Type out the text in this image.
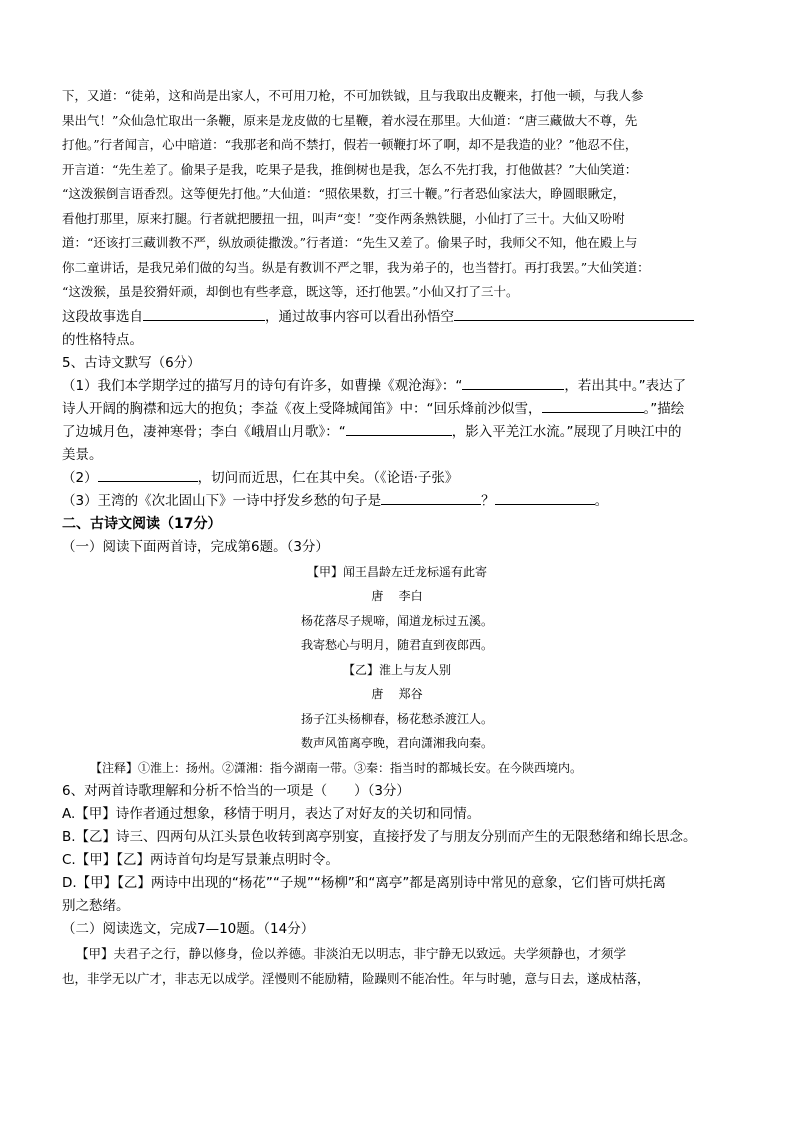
下，又道：“徒弟，这和尚是出家人，不可用刀枪，不可加铁钺，且与我取出皮鞭来，打他一顿，与我人参

果出气！”众仙急忙取出一条鞭，原来是龙皮做的七星鞭，着水浸在那里。大仙道：“唐三藏做大不尊，先

打他。”行者闻言，心中暗道：“我那老和尚不禁打，假若一顿鞭打坏了啊，却不是我造的业？”他忍不住，

开言道：“先生差了。偷果子是我，吃果子是我，推倒树也是我，怎么不先打我，打他做甚？”大仙笑道：

“这泼猴倒言语香烈。这等便先打他。”大仙道：“照依果数，打三十鞭。”行者恐仙家法大，睁圆眼瞅定，

看他打那里，原来打腿。行者就把腰扭一扭，叫声“变！”变作两条熟铁腿，小仙打了三十。大仙又吩咐

道：“还该打三藏训教不严，纵放顽徒撒泼。”行者道：“先生又差了。偷果子时，我师父不知，他在殿上与

你二童讲话，是我兄弟们做的勾当。纵是有教训不严之罪，我为弟子的，也当替打。再打我罢。”大仙笑道：

“这泼猴，虽是狡猾奸顽，却倒也有些孝意，既这等，还打他罢。”小仙又打了三十。

这段故事选自	，通过故事内容可以看出孙悟空

的性格特点。

5、古诗文默写（6分）

（1）我们本学期学过的描写月的诗句有许多，如曹操《观沧海》：“	，若出其中。”表达了

诗人开阔的胸襟和远大的抱负；李益《夜上受降城闻笛》中：“回乐烽前沙似雪，	。”描绘

了边城月色，凄神寒骨；李白《峨眉山月歌》：“	，影入平羌江水流。”展现了月映江中的

美景。

（2）	，切问而近思，仁在其中矣。（《论语·子张》

（3）王湾的《次北固山下》一诗中抒发乡愁的句子是	？	。

二、古诗文阅读（17分）

（一）阅读下面两首诗，完成第6题。（3分）

【甲】闻王昌龄左迁龙标遥有此寄
唐 李白
杨花落尽子规啼，闻道龙标过五溪。
我寄愁心与明月，随君直到夜郎西。
【乙】淮上与友人别
唐 郑谷
扬子江头杨柳春，杨花愁杀渡江人。
数声风笛离亭晚，君向潇湘我向秦。

【注释】①淮上：扬州。②潇湘：指今湖南一带。③秦：指当时的都城长安。在今陕西境内。

6、对两首诗歌理解和分析不恰当的一项是（　　）（3分）

A.【甲】诗作者通过想象，移情于明月，表达了对好友的关切和同情。

B.【乙】诗三、四两句从江头景色收转到离亭别宴，直接抒发了与朋友分别而产生的无限愁绪和绵长思念。

C.【甲】【乙】两诗首句均是写景兼点明时令。

D.【甲】【乙】两诗中出现的“杨花”“子规”“杨柳”和“离亭”都是离别诗中常见的意象，它们皆可烘托离

别之愁绪。

（二）阅读选文，完成7—10题。（14分）

【甲】夫君子之行，静以修身，俭以养德。非淡泊无以明志，非宁静无以致远。夫学须静也，才须学

也，非学无以广才，非志无以成学。淫慢则不能励精，险躁则不能冶性。年与时驰，意与日去，遂成枯落，
